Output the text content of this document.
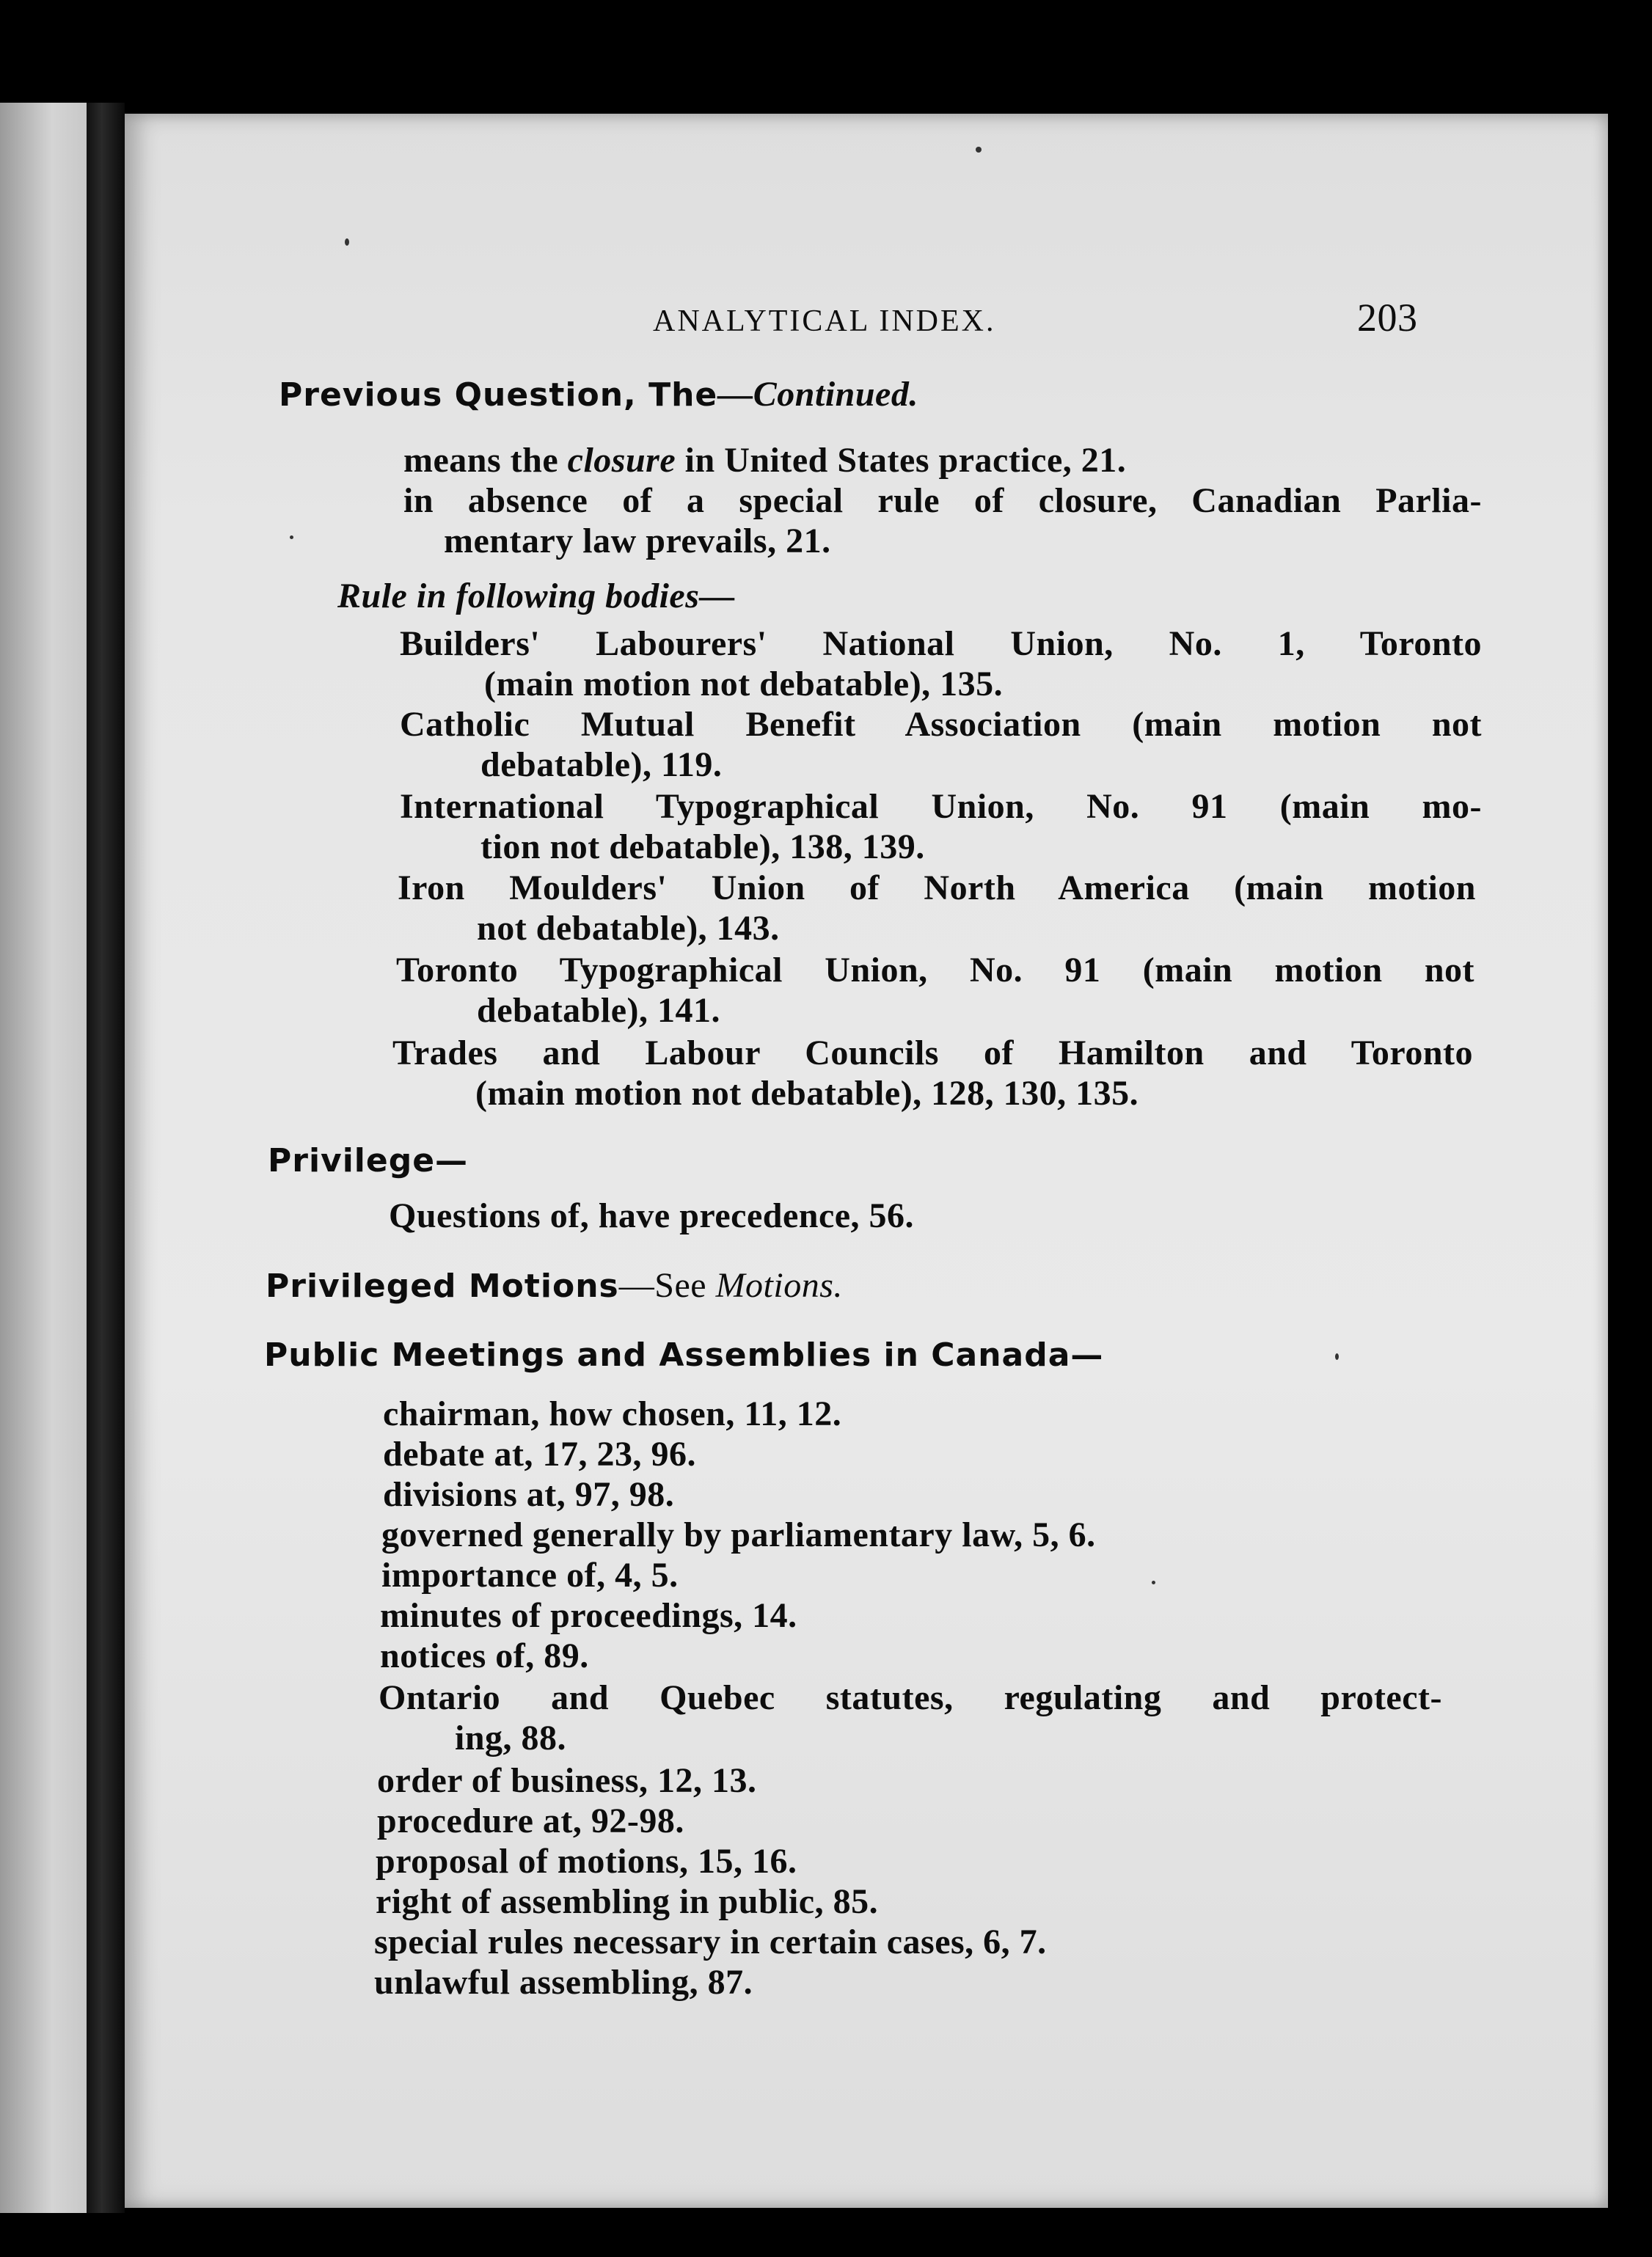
ANALYTICAL INDEX.	203
Previous Question, The—Continued.
means the closure in United States practice, 21.
in absence of a special rule of closure, Canadian Parlia-
mentary law prevails, 21.
Rule in following bodies—
Builders' Labourers' National Union, No. 1, Toronto
(main motion not debatable), 135.
Catholic Mutual Benefit Association (main motion not
debatable), 119.
International Typographical Union, No. 91 (main mo-
tion not debatable), 138, 139.
Iron Moulders' Union of North America (main motion
not debatable), 143.
Toronto Typographical Union, No. 91 (main motion not
debatable), 141.
Trades and Labour Councils of Hamilton and Toronto
(main motion not debatable), 128, 130, 135.
Privilege—
Questions of, have precedence, 56.
Privileged Motions—See Motions.
Public Meetings and Assemblies in Canada—
chairman, how chosen, 11, 12.
debate at, 17, 23, 96.
divisions at, 97, 98.
governed generally by parliamentary law, 5, 6.
importance of, 4, 5.
minutes of proceedings, 14.
notices of, 89.
Ontario and Quebec statutes, regulating and protect-
ing, 88.
order of business, 12, 13.
procedure at, 92-98.
proposal of motions, 15, 16.
right of assembling in public, 85.
special rules necessary in certain cases, 6, 7.
unlawful assembling, 87.
